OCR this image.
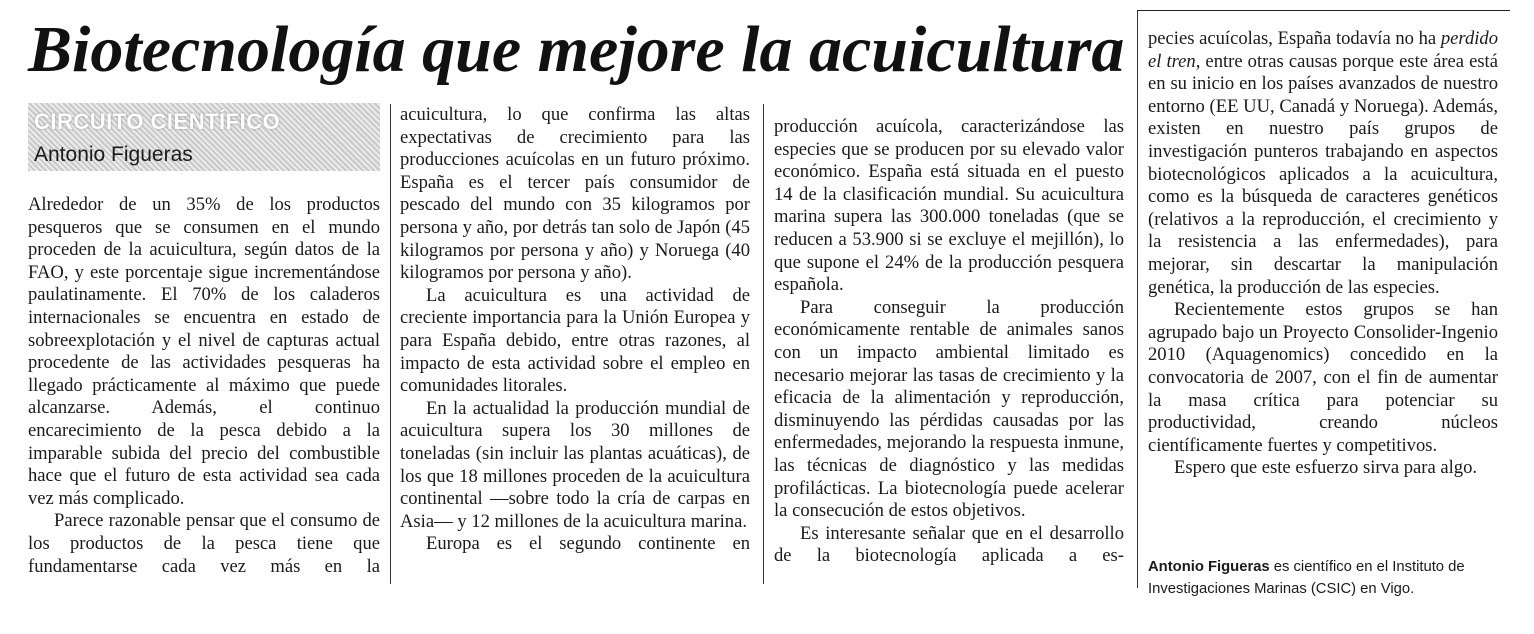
Biotecnología que mejore la acuicultura
CIRCUITO CIENTÍFICO
Antonio Figueras

Alrededor de un 35% de los productos pesqueros que se consumen en el mundo proceden de la acuicultura, según datos de la FAO, y este porcentaje sigue incrementándose paulatinamente. El 70% de los caladeros internacionales se encuentra en estado de sobreexplotación y el nivel de capturas actual procedente de las actividades pesqueras ha llegado prácticamente al máximo que puede alcanzarse. Además, el continuo encarecimiento de la pesca debido a la imparable subida del precio del combustible hace que el futuro de esta actividad sea cada vez más complicado.

Parece razonable pensar que el consumo de los productos de la pesca tiene que fundamentarse cada vez más en la

acuicultura, lo que confirma las altas expectativas de crecimiento para las producciones acuícolas en un futuro próximo. España es el tercer país consumidor de pescado del mundo con 35 kilogramos por persona y año, por detrás tan solo de Japón (45 kilogramos por persona y año) y Noruega (40 kilogramos por persona y año).

La acuicultura es una actividad de creciente importancia para la Unión Europea y para España debido, entre otras razones, al impacto de esta actividad sobre el empleo en comunidades litorales.

En la actualidad la producción mundial de acuicultura supera los 30 millones de toneladas (sin incluir las plantas acuáticas), de los que 18 millones proceden de la acuicultura continental —sobre todo la cría de carpas en Asia— y 12 millones de la acuicultura marina.

Europa es el segundo continente en

producción acuícola, caracterizándose las especies que se producen por su elevado valor económico. España está situada en el puesto 14 de la clasificación mundial. Su acuicultura marina supera las 300.000 toneladas (que se reducen a 53.900 si se excluye el mejillón), lo que supone el 24% de la producción pesquera española.

Para conseguir la producción económicamente rentable de animales sanos con un impacto ambiental limitado es necesario mejorar las tasas de crecimiento y la eficacia de la alimentación y reproducción, disminuyendo las pérdidas causadas por las enfermedades, mejorando la respuesta inmune, las técnicas de diagnóstico y las medidas profilácticas. La biotecnología puede acelerar la consecución de estos objetivos.

Es interesante señalar que en el desarrollo de la biotecnología aplicada a es-

pecies acuícolas, España todavía no ha perdido el tren, entre otras causas porque este área está en su inicio en los países avanzados de nuestro entorno (EE UU, Canadá y Noruega). Además, existen en nuestro país grupos de investigación punteros trabajando en aspectos biotecnológicos aplicados a la acuicultura, como es la búsqueda de caracteres genéticos (relativos a la reproducción, el crecimiento y la resistencia a las enfermedades), para mejorar, sin descartar la manipulación genética, la producción de las especies.

Recientemente estos grupos se han agrupado bajo un Proyecto Consolider-Ingenio 2010 (Aquagenomics) concedido en la convocatoria de 2007, con el fin de aumentar la masa crítica para potenciar su productividad, creando núcleos científicamente fuertes y competitivos.

Espero que este esfuerzo sirva para algo.

Antonio Figueras es científico en el Instituto de Investigaciones Marinas (CSIC) en Vigo.
